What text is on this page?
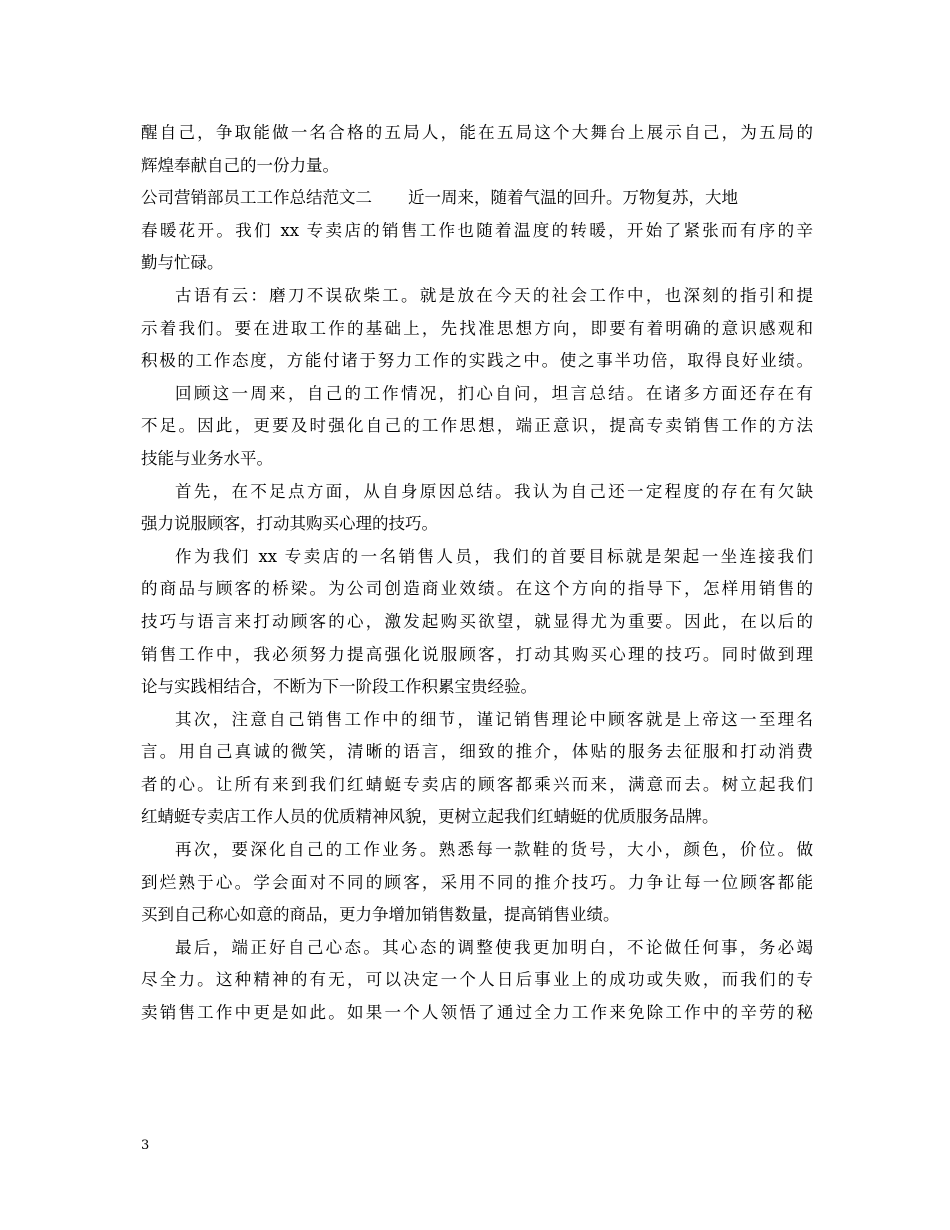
醒自己，争取能做一名合格的五局人，能在五局这个大舞台上展示自己，为五局的
辉煌奉献自己的一份力量。
公司营销部员工工作总结范文二 近一周来，随着气温的回升。万物复苏，大地
春暖花开。我们 xx 专卖店的销售工作也随着温度的转暖，开始了紧张而有序的辛
勤与忙碌。
古语有云：磨刀不误砍柴工。就是放在今天的社会工作中，也深刻的指引和提
示着我们。要在进取工作的基础上，先找准思想方向，即要有着明确的意识感观和
积极的工作态度，方能付诸于努力工作的实践之中。使之事半功倍，取得良好业绩。
回顾这一周来，自己的工作情况，扪心自问，坦言总结。在诸多方面还存在有
不足。因此，更要及时强化自己的工作思想，端正意识，提高专卖销售工作的方法
技能与业务水平。
首先，在不足点方面，从自身原因总结。我认为自己还一定程度的存在有欠缺
强力说服顾客，打动其购买心理的技巧。
作为我们 xx 专卖店的一名销售人员，我们的首要目标就是架起一坐连接我们
的商品与顾客的桥梁。为公司创造商业效绩。在这个方向的指导下，怎样用销售的
技巧与语言来打动顾客的心，激发起购买欲望，就显得尤为重要。因此，在以后的
销售工作中，我必须努力提高强化说服顾客，打动其购买心理的技巧。同时做到理
论与实践相结合，不断为下一阶段工作积累宝贵经验。
其次，注意自己销售工作中的细节，谨记销售理论中顾客就是上帝这一至理名
言。用自己真诚的微笑，清晰的语言，细致的推介，体贴的服务去征服和打动消费
者的心。让所有来到我们红蜻蜓专卖店的顾客都乘兴而来，满意而去。树立起我们
红蜻蜓专卖店工作人员的优质精神风貌，更树立起我们红蜻蜓的优质服务品牌。
再次，要深化自己的工作业务。熟悉每一款鞋的货号，大小，颜色，价位。做
到烂熟于心。学会面对不同的顾客，采用不同的推介技巧。力争让每一位顾客都能
买到自己称心如意的商品，更力争增加销售数量，提高销售业绩。
最后，端正好自己心态。其心态的调整使我更加明白，不论做任何事，务必竭
尽全力。这种精神的有无，可以决定一个人日后事业上的成功或失败，而我们的专
卖销售工作中更是如此。如果一个人领悟了通过全力工作来免除工作中的辛劳的秘
3
